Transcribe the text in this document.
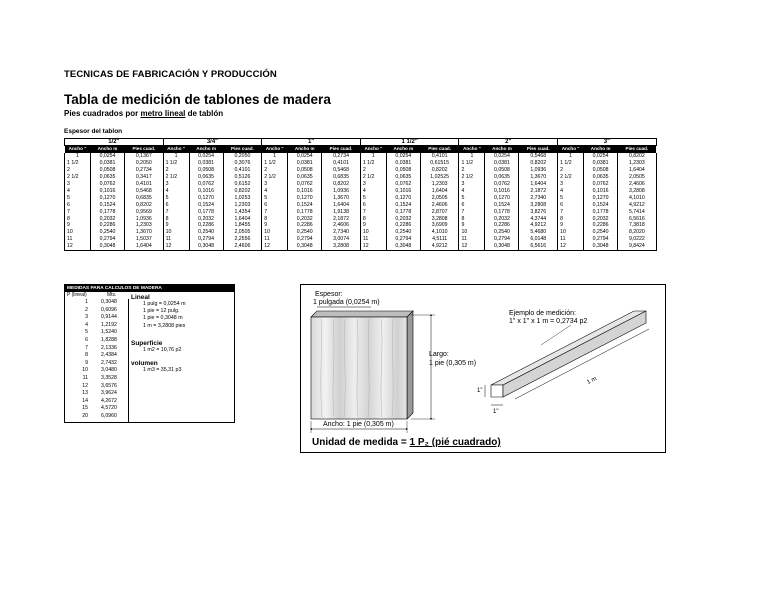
TECNICAS DE FABRICACIÓN Y PRODUCCIÓN
Tabla de medición de tablones de madera
Pies cuadrados por metro lineal de tablón
Espesor del tablon
1/2"			3/4"			1"			1 1/2"			2"			3"		
Ancho "	Ancho m	Pies cuad.	Ancho "	Ancho m	Pies cuad.	Ancho "	Ancho m	Pies cuad.	Ancho "	Ancho m	Pies cuad.	Ancho "	Ancho m	Pies cuad.	Ancho "	Ancho m	Pies cuad.
1	0,0254	0,1367	1	0,0254	0,2050	1	0,0254	0,2734	1	0,0254	0,4101	1	0,0254	0,5468	1	0,0254	0,8202
1 1/2	0,0381	0,2050	1 1/2	0,0381	0,3076	1 1/2	0,0381	0,4101	1 1/2	0,0381	0,61515	1 1/2	0,0381	0,8202	1 1/2	0,0381	1,2303
2	0,0508	0,2734	2	0,0508	0,4101	2	0,0508	0,5468	2	0,0508	0,8202	2	0,0508	1,0936	2	0,0508	1,6404
2 1/2	0,0635	0,3417	2 1/2	0,0635	0,5126	2 1/2	0,0635	0,6835	2 1/2	0,0635	1,02525	2 1/2	0,0635	1,3670	2 1/2	0,0635	2,0505
3	0,0762	0,4101	3	0,0762	0,6152	3	0,0762	0,8202	3	0,0762	1,2303	3	0,0762	1,6404	3	0,0762	2,4606
4	0,1016	0,5468	4	0,1016	0,8202	4	0,1016	1,0936	4	0,1016	1,6404	4	0,1016	2,1872	4	0,1016	3,2808
5	0,1270	0,6835	5	0,1270	1,0253	5	0,1270	1,3670	5	0,1270	2,0505	5	0,1270	2,7340	5	0,1270	4,1010
6	0,1524	0,8202	6	0,1524	1,2303	6	0,1524	1,6404	6	0,1524	2,4606	6	0,1524	3,2808	6	0,1524	4,9212
7	0,1778	0,9569	7	0,1778	1,4354	7	0,1778	1,9138	7	0,1778	2,8707	7	0,1778	3,8276	7	0,1778	5,7414
8	0,2032	1,0936	8	0,2032	1,6404	8	0,2032	2,1872	8	0,2032	3,2808	8	0,2032	4,3744	8	0,2032	6,5616
9	0,2286	1,2303	9	0,2286	1,8455	9	0,2286	2,4606	9	0,2286	3,6909	9	0,2286	4,9212	9	0,2286	7,3818
10	0,2540	1,3670	10	0,2540	2,0505	10	0,2540	2,7340	10	0,2540	4,1010	10	0,2540	5,4680	10	0,2540	8,2020
11	0,2794	1,5037	11	0,2794	2,2556	11	0,2794	3,0074	11	0,2794	4,5111	11	0,2794	6,0148	11	0,2794	9,0222
12	0,3048	1,6404	12	0,3048	2,4606	12	0,3048	3,2808	12	0,3048	4,9212	12	0,3048	6,5616	12	0,3048	9,8424
MEDIDAS PARA CALCULOS DE MADERA
P (lineal)	Mts.
1	0,3048
2	0,6096
3	0,9144
4	1,2192
5	1,5240
6	1,8288
7	2,1336
8	2,4384
9	2,7432
10	3,0480
11	3,3528
12	3,6576
13	3,9624
14	4,2672
15	4,5720
20	6,0960
Lineal
1 pulg = 0,0254 m
1 pie = 12 pulg.
1 pie = 0,3048 m
1 m = 3,2808 pies
Superficie
1 m2 = 10,76 p2
volumen
1 m3 = 35,31 p3
Espesor:
1 pulgada (0,0254 m)
Ejemplo de medición:
1" x 1" x 1 m = 0,2734 p2
Largo:
1 pie (0,305 m)
Ancho: 1 pie (0,305 m)
1"
1"
1 m
Unidad de medida = 1 P₂ (pié cuadrado)
